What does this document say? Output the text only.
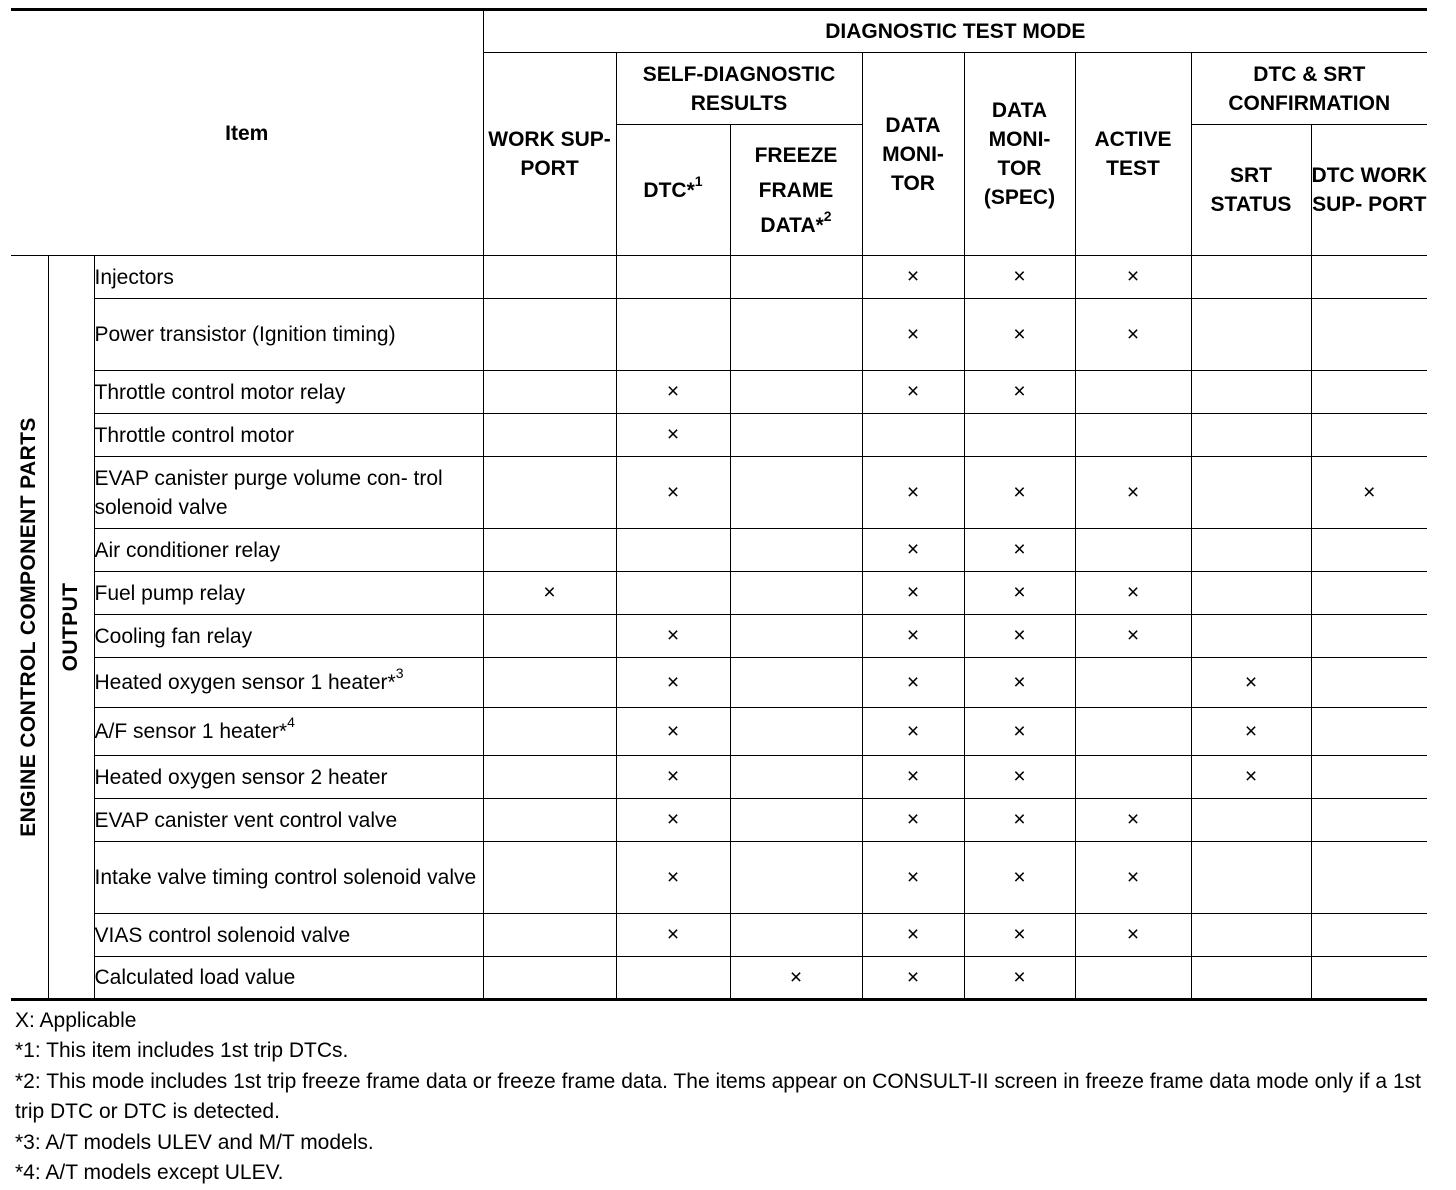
Item			DIAGNOSTIC TEST MODE							
			WORK SUP- PORT	SELF-DIAGNOSTIC RESULTS		DATA MONI- TOR	DATA MONI- TOR (SPEC)	ACTIVE TEST	DTC & SRT CONFIRMATION	
				DTC*$^1$	FREEZE FRAME DATA*$^2$				SRT STATUS	DTC WORK SUP- PORT

ENGINE CONTROL COMPONENT PARTS	OUTPUT	Injectors				×	×	×		
		Power transistor (Ignition timing)				×	×	×		
		Throttle control motor relay		×		×	×			
		Throttle control motor		×						
		EVAP canister purge volume con- trol solenoid valve		×		×	×	×		×
		Air conditioner relay				×	×			
		Fuel pump relay	×			×	×	×		
		Cooling fan relay		×		×	×	×		
		Heated oxygen sensor 1 heater*$^3$		×		×	×		×	
		A/F sensor 1 heater*$^4$		×		×	×		×	
		Heated oxygen sensor 2 heater		×		×	×		×	
		EVAP canister vent control valve		×		×	×	×		
		Intake valve timing control solenoid valve		×		×	×	×		
		VIAS control solenoid valve		×		×	×	×		
		Calculated load value			×	×	×			
X: Applicable
*1: This item includes 1st trip DTCs.
*2: This mode includes 1st trip freeze frame data or freeze frame data. The items appear on CONSULT-II screen in freeze frame data mode only if a 1st trip DTC or DTC is detected.
*3: A/T models ULEV and M/T models.
*4: A/T models except ULEV.
